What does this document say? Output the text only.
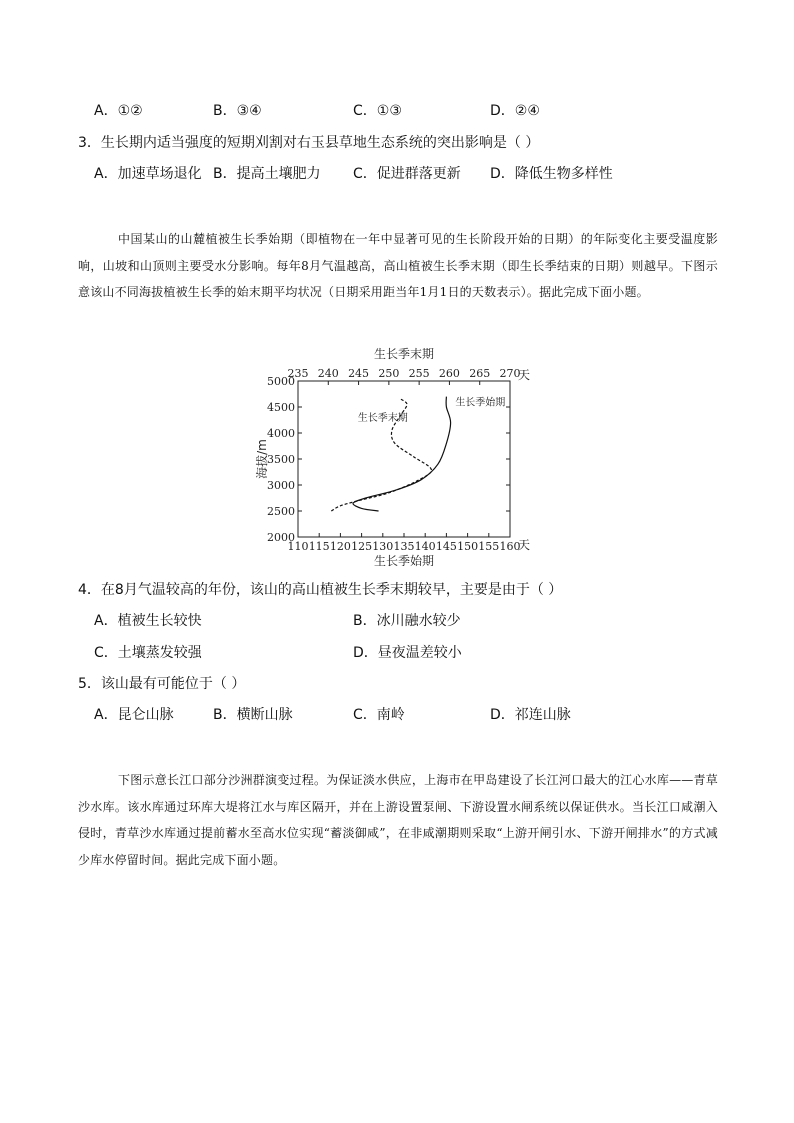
A．①②	B．③④	C．①③	D．②④
3．生长期内适当强度的短期刈割对右玉县草地生态系统的突出影响是（ ）
A．加速草场退化 B．提高土壤肥力 C．促进群落更新 D．降低生物多样性

中国某山的山麓植被生长季始期（即植物在一年中显著可见的生长阶段开始的日期）的年际变化主要受温度影响，山坡和山顶则主要受水分影响。每年8月气温越高，高山植被生长季末期（即生长季结束的日期）则越早。下图示意该山不同海拔植被生长季的始末期平均状况（日期采用距当年1月1日的天数表示）。据此完成下面小题。

235 240 245 250 255 260 265 270
110 115 120 125 130 135 140 145 150 155 160
2000
2500
3000
3500
4000
4500
5000
生长季末期
天
生长季始期
天
海拔/m
生长季末期
生长季始期
4．在8月气温较高的年份，该山的高山植被生长季末期较早，主要是由于（ ）
A．植被生长较快	B．冰川融水较少
C．土壤蒸发较强	D．昼夜温差较小
5．该山最有可能位于（ ）
A．昆仑山脉	B．横断山脉	C．南岭	D．祁连山脉

下图示意长江口部分沙洲群演变过程。为保证淡水供应，上海市在甲岛建设了长江河口最大的江心水库——青草沙水库。该水库通过环库大堤将江水与库区隔开，并在上游设置泵闸、下游设置水闸系统以保证供水。当长江口咸潮入侵时，青草沙水库通过提前蓄水至高水位实现“蓄淡御咸”，在非咸潮期则采取“上游开闸引水、下游开闸排水”的方式减少库水停留时间。据此完成下面小题。
